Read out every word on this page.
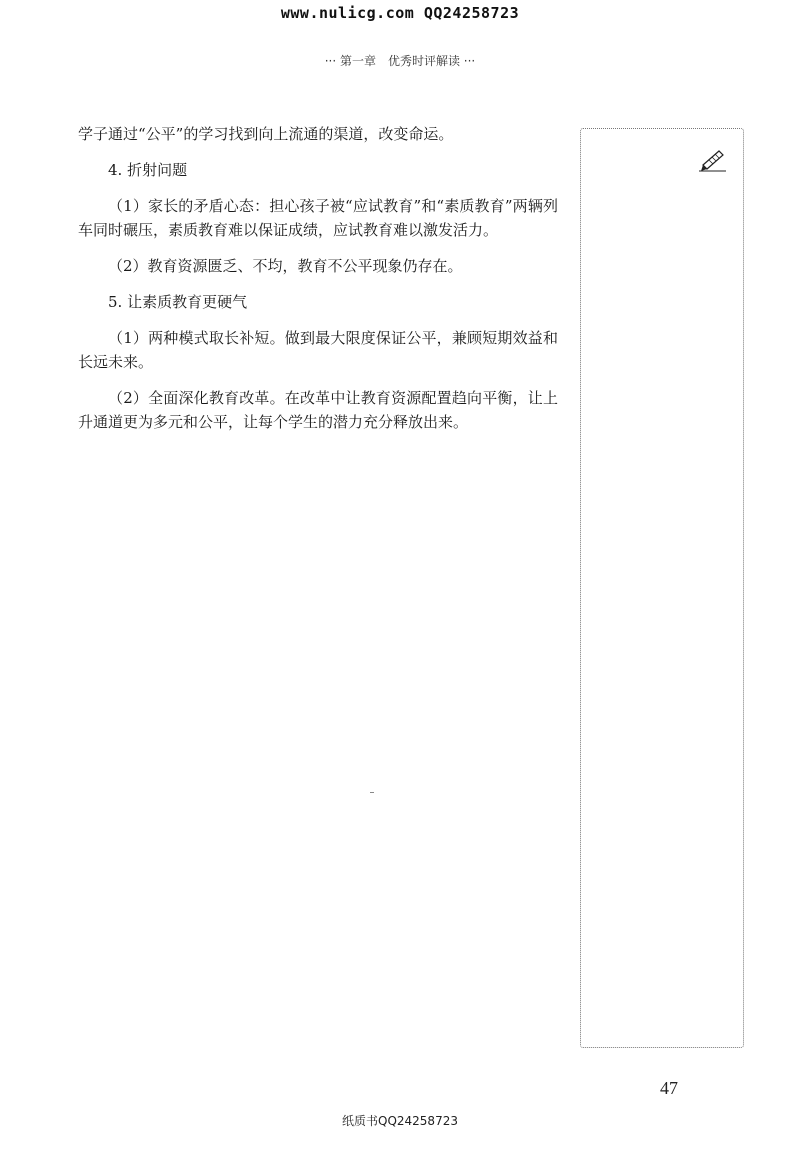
www.nulicg.com QQ24258723
··· 第一章　优秀时评解读 ···

学子通过“公平”的学习找到向上流通的渠道，改变命运。

4. 折射问题

（1）家长的矛盾心态：担心孩子被“应试教育”和“素质教育”两辆列车同时碾压，素质教育难以保证成绩，应试教育难以激发活力。

（2）教育资源匮乏、不均，教育不公平现象仍存在。

5. 让素质教育更硬气

（1）两种模式取长补短。做到最大限度保证公平，兼顾短期效益和长远未来。

（2）全面深化教育改革。在改革中让教育资源配置趋向平衡，让上升通道更为多元和公平，让每个学生的潜力充分释放出来。

47
纸质书QQ24258723
